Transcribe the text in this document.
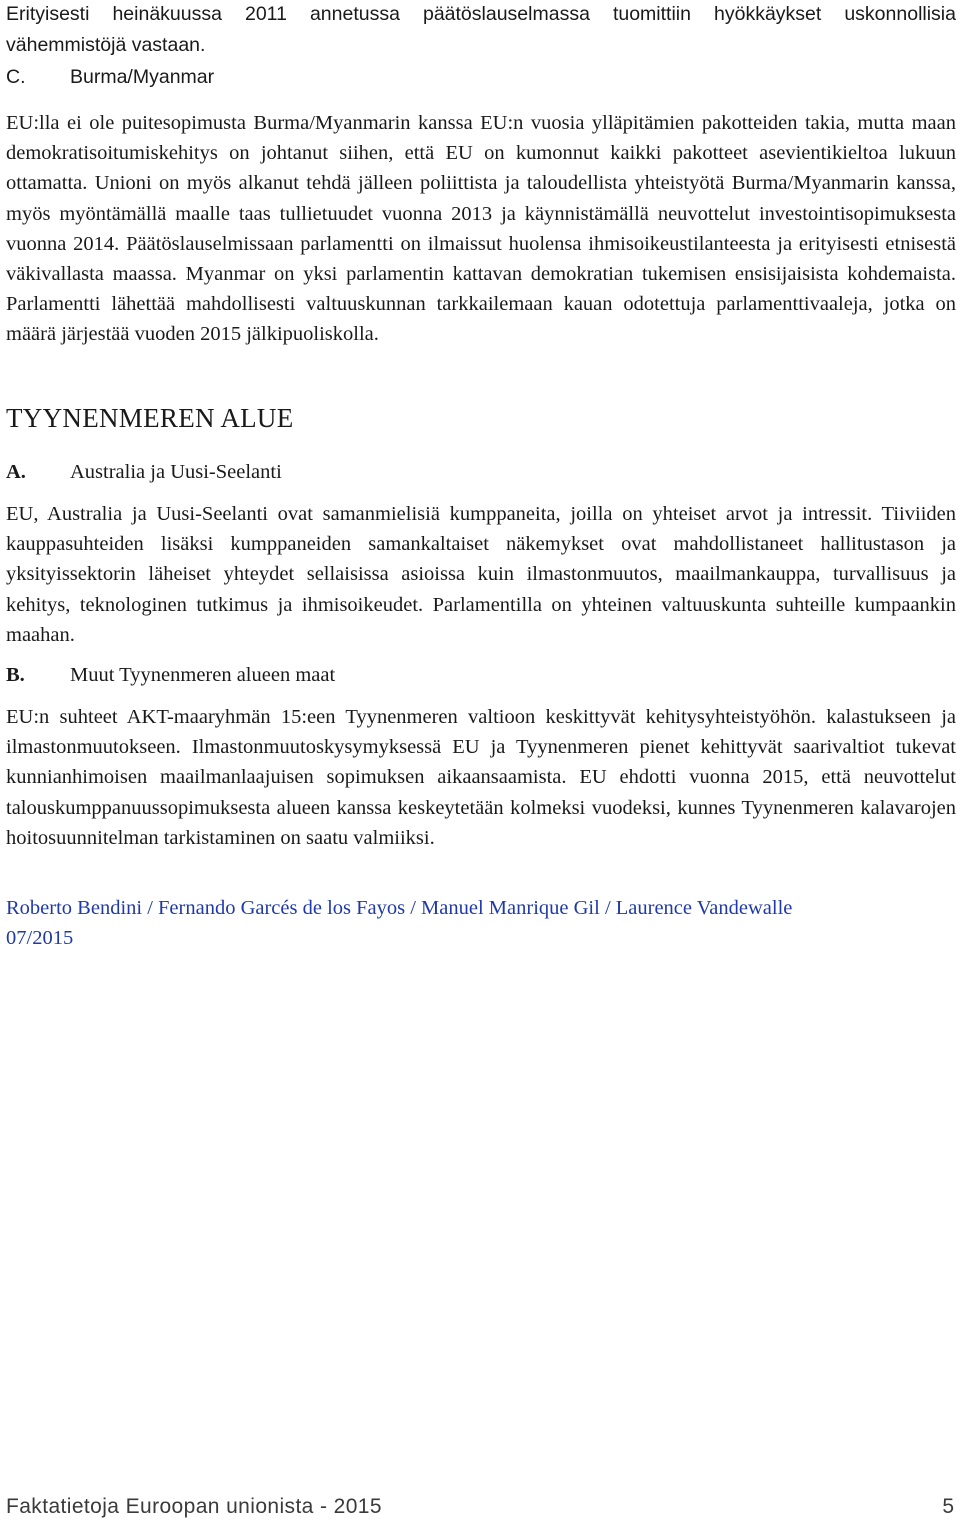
Erityisesti heinäkuussa 2011 annetussa päätöslauselmassa tuomittiin hyökkäykset uskonnollisia vähemmistöjä vastaan.

C. Burma/Myanmar

EU:lla ei ole puitesopimusta Burma/Myanmarin kanssa EU:n vuosia ylläpitämien pakotteiden takia, mutta maan demokratisoitumiskehitys on johtanut siihen, että EU on kumonnut kaikki pakotteet asevientikieltoa lukuun ottamatta. Unioni on myös alkanut tehdä jälleen poliittista ja taloudellista yhteistyötä Burma/Myanmarin kanssa, myös myöntämällä maalle taas tullietuudet vuonna 2013 ja käynnistämällä neuvottelut investointisopimuksesta vuonna 2014. Päätöslauselmissaan parlamentti on ilmaissut huolensa ihmisoikeustilanteesta ja erityisesti etnisestä väkivallasta maassa. Myanmar on yksi parlamentin kattavan demokratian tukemisen ensisijaisista kohdemaista. Parlamentti lähettää mahdollisesti valtuuskunnan tarkkailemaan kauan odotettuja parlamenttivaaleja, jotka on määrä järjestää vuoden 2015 jälkipuoliskolla.

TYYNENMEREN ALUE
A. Australia ja Uusi-Seelanti

EU, Australia ja Uusi-Seelanti ovat samanmielisiä kumppaneita, joilla on yhteiset arvot ja intressit. Tiiviiden kauppasuhteiden lisäksi kumppaneiden samankaltaiset näkemykset ovat mahdollistaneet hallitustason ja yksityissektorin läheiset yhteydet sellaisissa asioissa kuin ilmastonmuutos, maailmankauppa, turvallisuus ja kehitys, teknologinen tutkimus ja ihmisoikeudet. Parlamentilla on yhteinen valtuuskunta suhteille kumpaankin maahan.

B. Muut Tyynenmeren alueen maat

EU:n suhteet AKT-maaryhmän 15:een Tyynenmeren valtioon keskittyvät kehitysyhteistyöhön. kalastukseen ja ilmastonmuutokseen. Ilmastonmuutoskysymyksessä EU ja Tyynenmeren pienet kehittyvät saarivaltiot tukevat kunnianhimoisen maailmanlaajuisen sopimuksen aikaansaamista. EU ehdotti vuonna 2015, että neuvottelut talouskumppanuussopimuksesta alueen kanssa keskeytetään kolmeksi vuodeksi, kunnes Tyynenmeren kalavarojen hoitosuunnitelman tarkistaminen on saatu valmiiksi.

Roberto Bendini / Fernando Garcés de los Fayos / Manuel Manrique Gil / Laurence Vandewalle
07/2015
Faktatietoja Euroopan unionista - 2015	5
